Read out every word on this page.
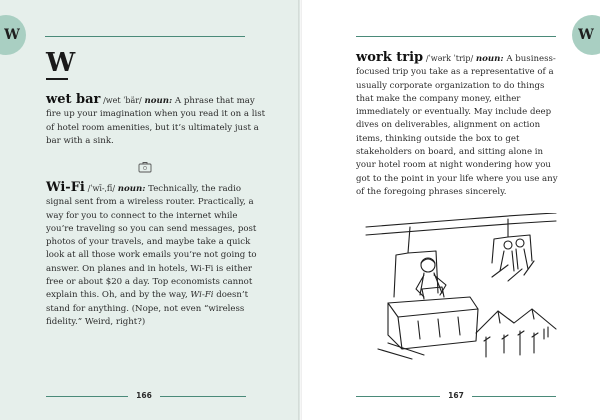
W
W
wet bar /wet ˈbär/ noun: A phrase that may fire up your imagination when you read it on a list of hotel room amenities, but it’s ultimately just a bar with a sink.
Wi-Fi /ˈwī-ˌfī/ noun: Technically, the radio signal sent from a wireless router. Practically, a way for you to connect to the internet while you’re traveling so you can send messages, post photos of your travels, and maybe take a quick look at all those work emails you’re not going to answer. On planes and in hotels, Wi-Fi is either free or about $20 a day. Top economists cannot explain this. Oh, and by the way, Wi-Fi doesn’t stand for anything. (Nope, not even “wireless fidelity.” Weird, right?)
166
work trip /ˈwərk ˈtrip/ noun: A business-focused trip you take as a representative of a usually corporate organization to do things that make the company money, either immediately or eventually. May include deep dives on deliverables, alignment on action items, thinking outside the box to get stakeholders on board, and sitting alone in your hotel room at night wondering how you got to the point in your life where you use any of the foregoing phrases sincerely.
167
W
